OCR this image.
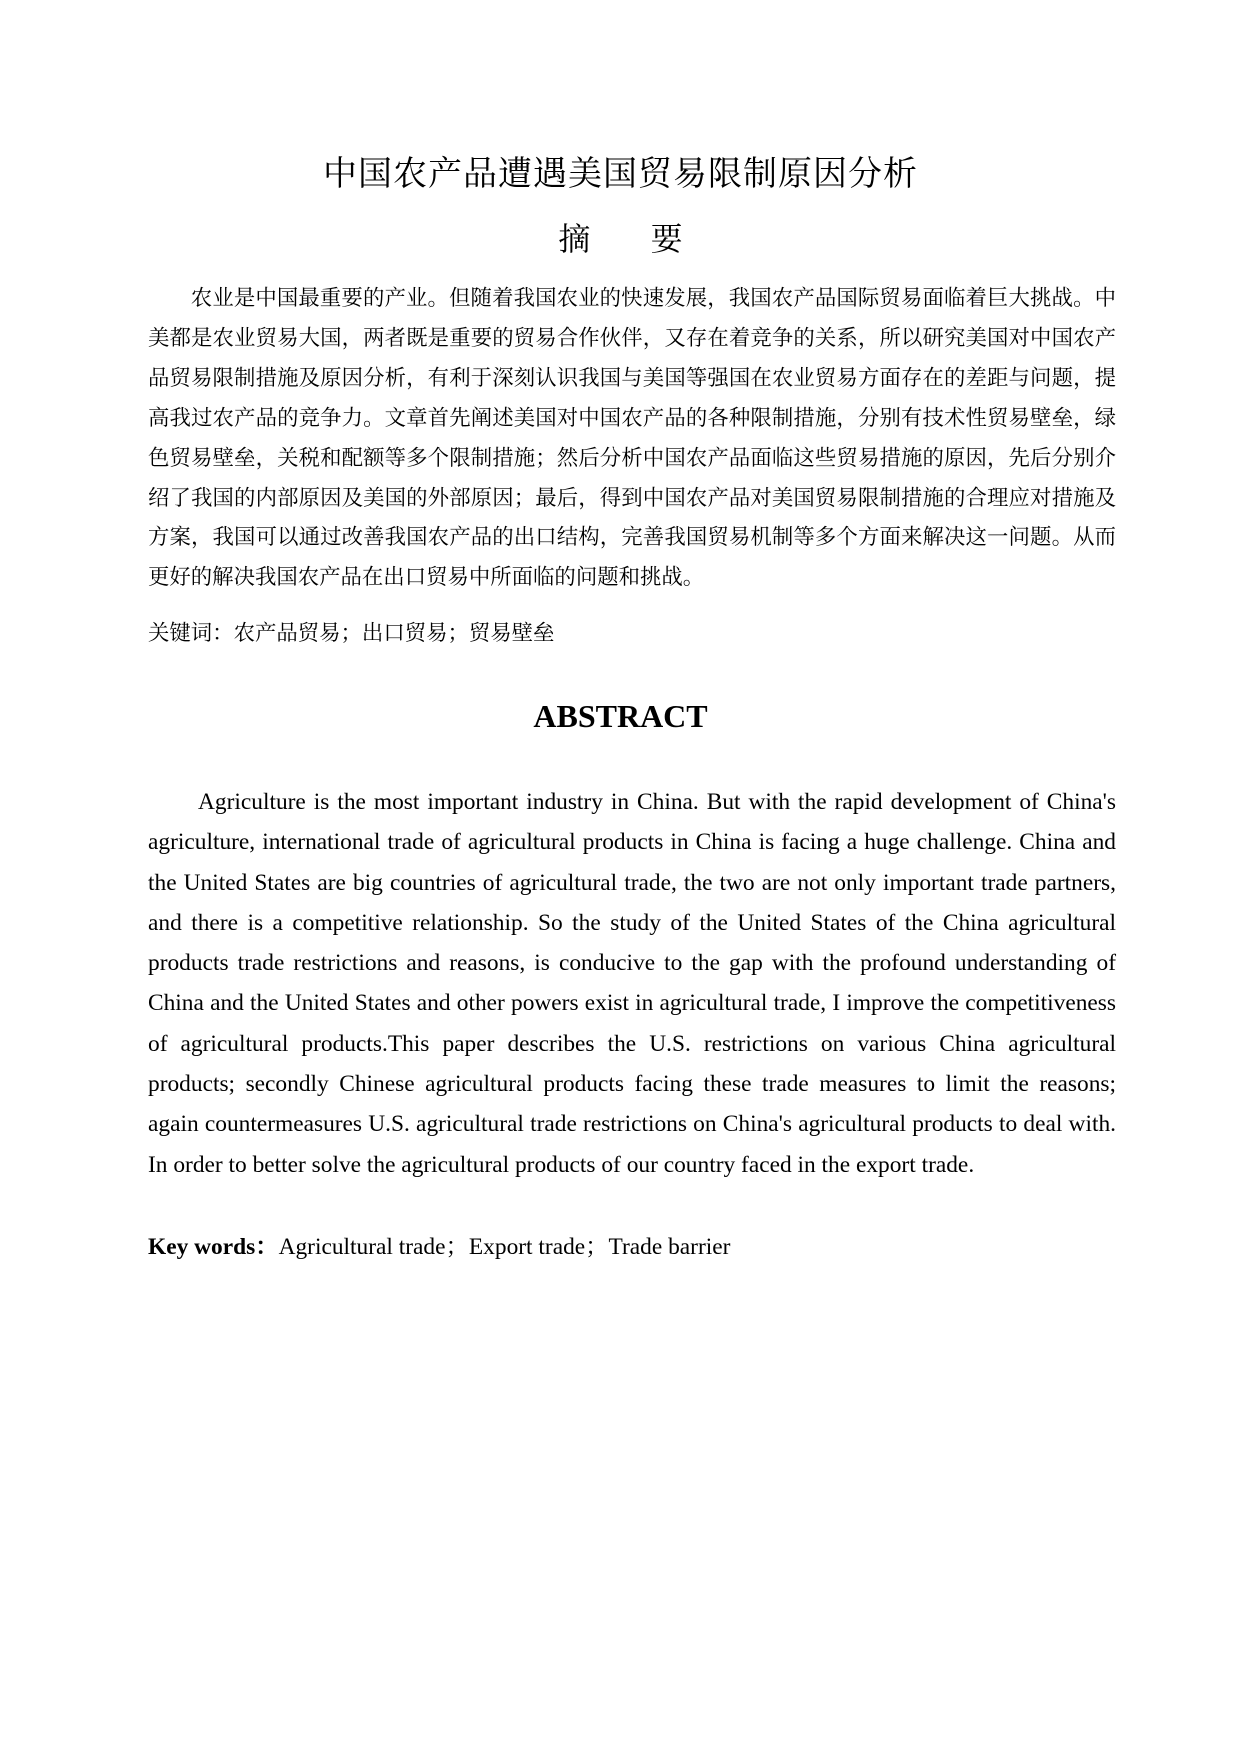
中国农产品遭遇美国贸易限制原因分析
摘 要

农业是中国最重要的产业。但随着我国农业的快速发展，我国农产品国际贸易面临着巨大挑战。中美都是农业贸易大国，两者既是重要的贸易合作伙伴，又存在着竞争的关系，所以研究美国对中国农产品贸易限制措施及原因分析，有利于深刻认识我国与美国等强国在农业贸易方面存在的差距与问题，提高我过农产品的竞争力。文章首先阐述美国对中国农产品的各种限制措施，分别有技术性贸易壁垒，绿色贸易壁垒，关税和配额等多个限制措施；然后分析中国农产品面临这些贸易措施的原因，先后分别介绍了我国的内部原因及美国的外部原因；最后，得到中国农产品对美国贸易限制措施的合理应对措施及方案，我国可以通过改善我国农产品的出口结构，完善我国贸易机制等多个方面来解决这一问题。从而更好的解决我国农产品在出口贸易中所面临的问题和挑战。

关键词：农产品贸易；出口贸易；贸易壁垒

ABSTRACT

Agriculture is the most important industry in China. But with the rapid development of China's agriculture, international trade of agricultural products in China is facing a huge challenge. China and the United States are big countries of agricultural trade, the two are not only important trade partners, and there is a competitive relationship. So the study of the United States of the China agricultural products trade restrictions and reasons, is conducive to the gap with the profound understanding of China and the United States and other powers exist in agricultural trade, I improve the competitiveness of agricultural products.This paper describes the U.S. restrictions on various China agricultural products; secondly Chinese agricultural products facing these trade measures to limit the reasons; again countermeasures U.S. agricultural trade restrictions on China's agricultural products to deal with. In order to better solve the agricultural products of our country faced in the export trade.

Key words：Agricultural trade；Export trade；Trade barrier
